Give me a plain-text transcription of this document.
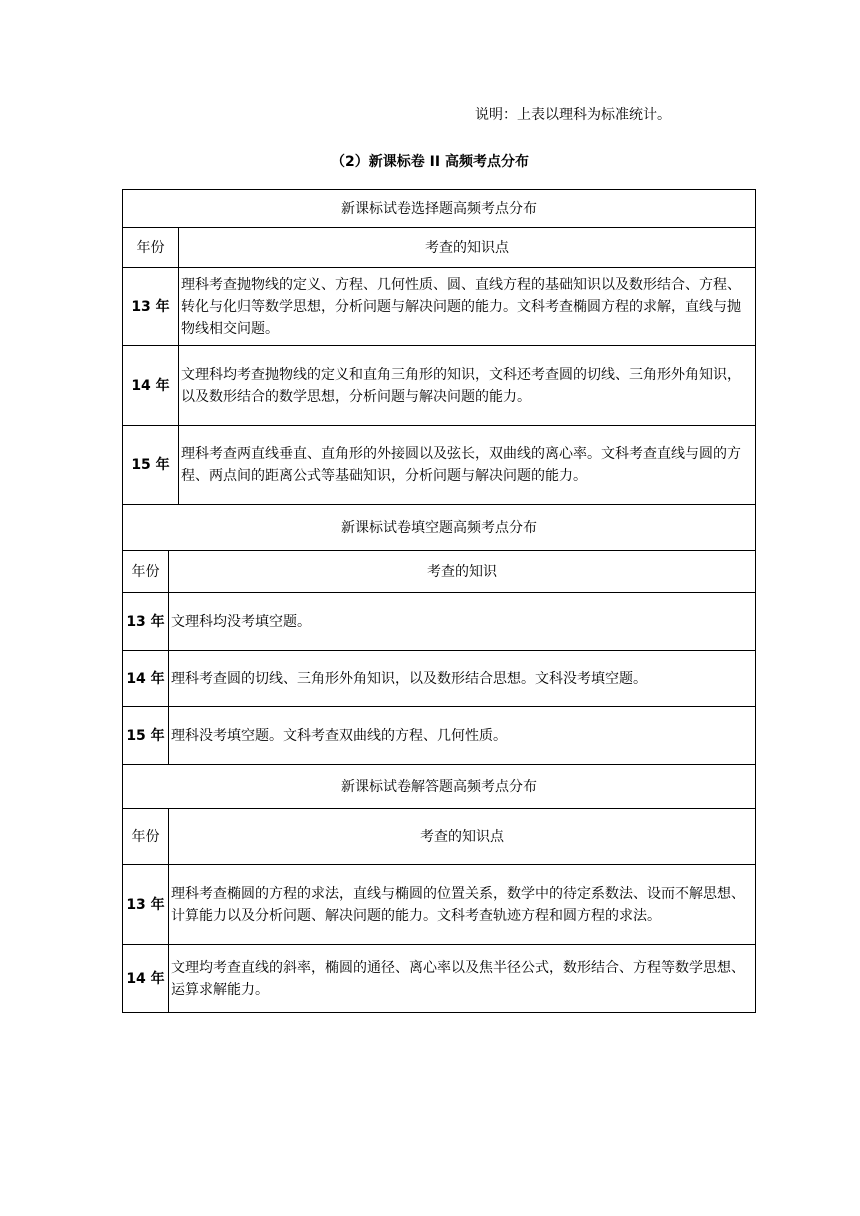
说明：上表以理科为标准统计。
（2）新课标卷 II 高频考点分布
新课标试卷选择题高频考点分布	
年份	考查的知识点
13 年	理科考查抛物线的定义、方程、几何性质、圆、直线方程的基础知识以及数形结合、方程、转化与化归等数学思想，分析问题与解决问题的能力。文科考查椭圆方程的求解，直线与抛物线相交问题。
14 年	文理科均考查抛物线的定义和直角三角形的知识，文科还考查圆的切线、三角形外角知识，以及数形结合的数学思想，分析问题与解决问题的能力。
15 年	理科考查两直线垂直、直角形的外接圆以及弦长，双曲线的离心率。文科考查直线与圆的方程、两点间的距离公式等基础知识，分析问题与解决问题的能力。
新课标试卷填空题高频考点分布	
年份	考查的知识
13 年	文理科均没考填空题。
14 年	理科考查圆的切线、三角形外角知识，以及数形结合思想。文科没考填空题。
15 年	理科没考填空题。文科考查双曲线的方程、几何性质。
新课标试卷解答题高频考点分布	
年份	考查的知识点
13 年	理科考查椭圆的方程的求法，直线与椭圆的位置关系，数学中的待定系数法、设而不解思想、计算能力以及分析问题、解决问题的能力。文科考查轨迹方程和圆方程的求法。
14 年	文理均考查直线的斜率，椭圆的通径、离心率以及焦半径公式，数形结合、方程等数学思想、运算求解能力。
